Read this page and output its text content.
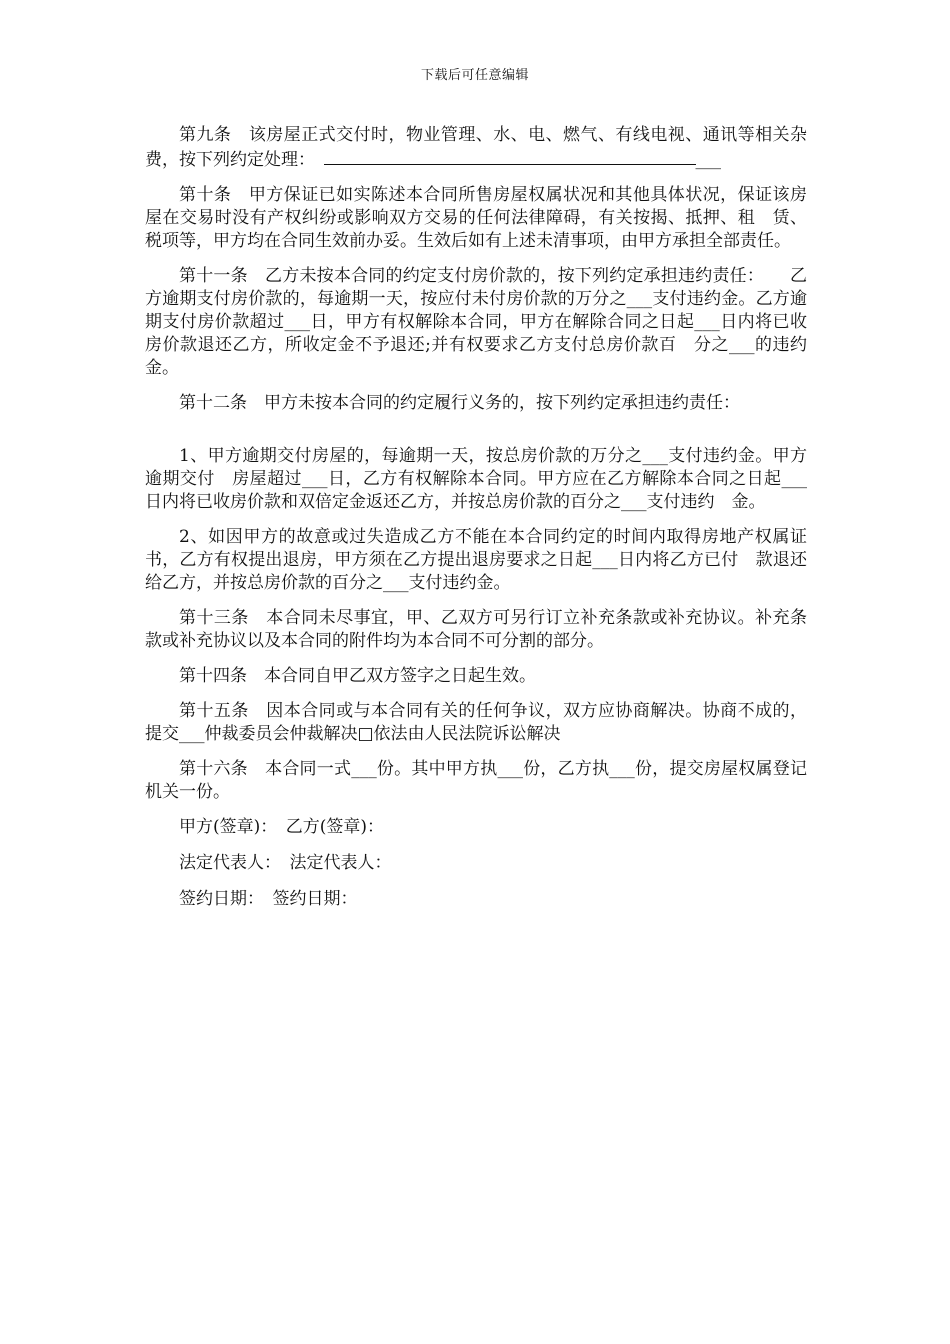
下载后可任意编辑

第九条　该房屋正式交付时，物业管理、水、电、燃气、有线电视、通讯等相关杂费，按下列约定处理：　	___

第十条　甲方保证已如实陈述本合同所售房屋权属状况和其他具体状况，保证该房屋在交易时没有产权纠纷或影响双方交易的任何法律障碍，有关按揭、抵押、租　赁、税项等，甲方均在合同生效前办妥。生效后如有上述未清事项，由甲方承担全部责任。

第十一条　乙方未按本合同的约定支付房价款的，按下列约定承担违约责任：　　乙方逾期支付房价款的，每逾期一天，按应付未付房价款的万分之___支付违约金。乙方逾　期支付房价款超过___日，甲方有权解除本合同，甲方在解除合同之日起___日内将已收房价款退还乙方，所收定金不予退还;并有权要求乙方支付总房价款百　分之___的违约金。

第十二条　甲方未按本合同的约定履行义务的，按下列约定承担违约责任：

1、甲方逾期交付房屋的，每逾期一天，按总房价款的万分之___支付违约金。甲方逾期交付　房屋超过___日，乙方有权解除本合同。甲方应在乙方解除本合同之日起___日内将已收房价款和双倍定金返还乙方，并按总房价款的百分之___支付违约　金。

2、如因甲方的故意或过失造成乙方不能在本合同约定的时间内取得房地产权属证书，乙方有权提出退房，甲方须在乙方提出退房要求之日起___日内将乙方已付　款退还给乙方，并按总房价款的百分之___支付违约金。

第十三条　本合同未尽事宜，甲、乙双方可另行订立补充条款或补充协议。补充条款或补充协议以及本合同的附件均为本合同不可分割的部分。

第十四条　本合同自甲乙双方签字之日起生效。

第十五条　因本合同或与本合同有关的任何争议，双方应协商解决。协商不成的，提交___仲裁委员会仲裁解决□依法由人民法院诉讼解决

第十六条　本合同一式___份。其中甲方执___份，乙方执___份，提交房屋权属登记机关一份。

甲方(签章)：　 乙方(签章)：

法定代表人：　 法定代表人：

签约日期：　 签约日期：
